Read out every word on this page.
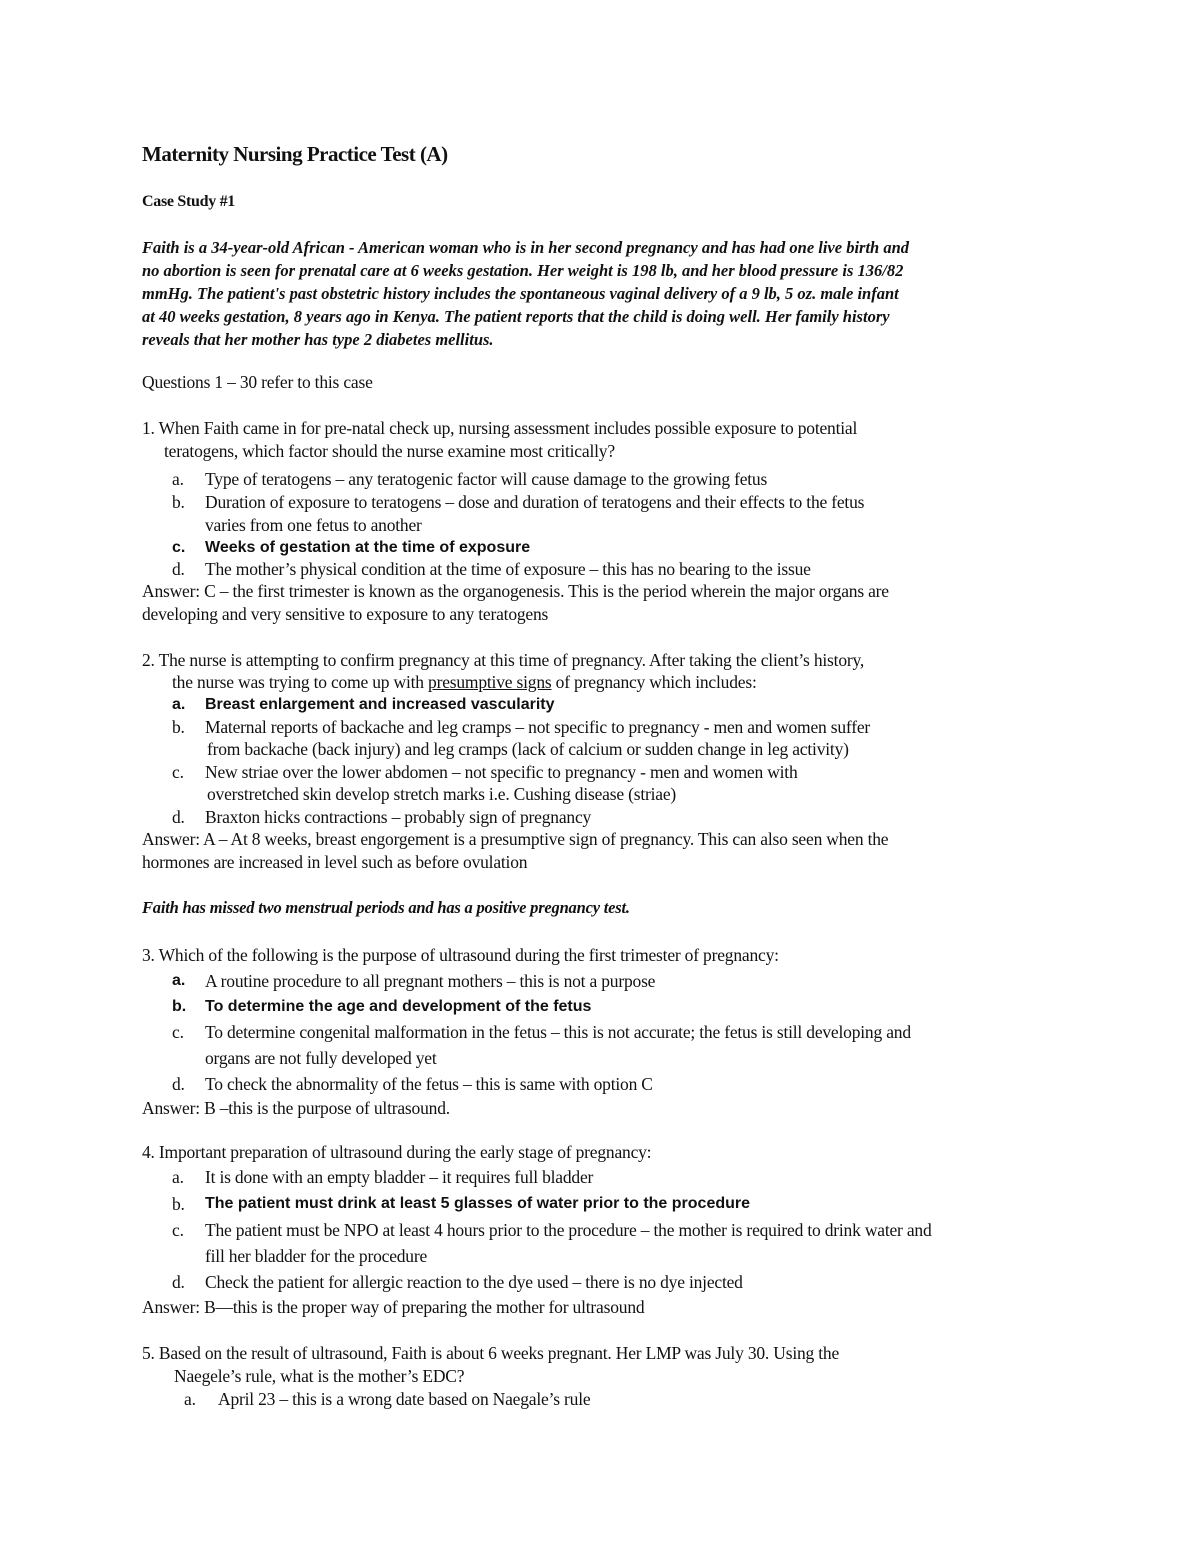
Maternity Nursing Practice Test (A)
Case Study #1

Faith is a 34-year-old African - American woman who is in her second pregnancy and has had one live birth and
no abortion is seen for prenatal care at 6 weeks gestation. Her weight is 198 lb, and her blood pressure is 136/82
mmHg. The patient's past obstetric history includes the spontaneous vaginal delivery of a 9 lb, 5 oz. male infant
at 40 weeks gestation, 8 years ago in Kenya. The patient reports that the child is doing well. Her family history
reveals that her mother has type 2 diabetes mellitus.

Questions 1 – 30 refer to this case
1. When Faith came in for pre-natal check up, nursing assessment includes possible exposure to potential
teratogens, which factor should the nurse examine most critically?
a. Type of teratogens – any teratogenic factor will cause damage to the growing fetus
b. Duration of exposure to teratogens – dose and duration of teratogens and their effects to the fetus
varies from one fetus to another
c. Weeks of gestation at the time of exposure
d. The mother’s physical condition at the time of exposure – this has no bearing to the issue
Answer: C – the first trimester is known as the organogenesis. This is the period wherein the major organs are
developing and very sensitive to exposure to any teratogens
2. The nurse is attempting to confirm pregnancy at this time of pregnancy. After taking the client’s history,
the nurse was trying to come up with presumptive signs of pregnancy which includes:
a. Breast enlargement and increased vascularity
b. Maternal reports of backache and leg cramps – not specific to pregnancy - men and women suffer
from backache (back injury) and leg cramps (lack of calcium or sudden change in leg activity)
c. New striae over the lower abdomen – not specific to pregnancy - men and women with
overstretched skin develop stretch marks i.e. Cushing disease (striae)
d. Braxton hicks contractions – probably sign of pregnancy
Answer: A – At 8 weeks, breast engorgement is a presumptive sign of pregnancy. This can also seen when the
hormones are increased in level such as before ovulation
Faith has missed two menstrual periods and has a positive pregnancy test.
3. Which of the following is the purpose of ultrasound during the first trimester of pregnancy:
a. A routine procedure to all pregnant mothers – this is not a purpose
b. To determine the age and development of the fetus
c. To determine congenital malformation in the fetus – this is not accurate; the fetus is still developing and
organs are not fully developed yet
d. To check the abnormality of the fetus – this is same with option C
Answer: B –this is the purpose of ultrasound.
4. Important preparation of ultrasound during the early stage of pregnancy:
a. It is done with an empty bladder – it requires full bladder
b. The patient must drink at least 5 glasses of water prior to the procedure
c. The patient must be NPO at least 4 hours prior to the procedure – the mother is required to drink water and
fill her bladder for the procedure
d. Check the patient for allergic reaction to the dye used – there is no dye injected
Answer: B—this is the proper way of preparing the mother for ultrasound
5. Based on the result of ultrasound, Faith is about 6 weeks pregnant. Her LMP was July 30. Using the
Naegele’s rule, what is the mother’s EDC?
a. April 23 – this is a wrong date based on Naegale’s rule
